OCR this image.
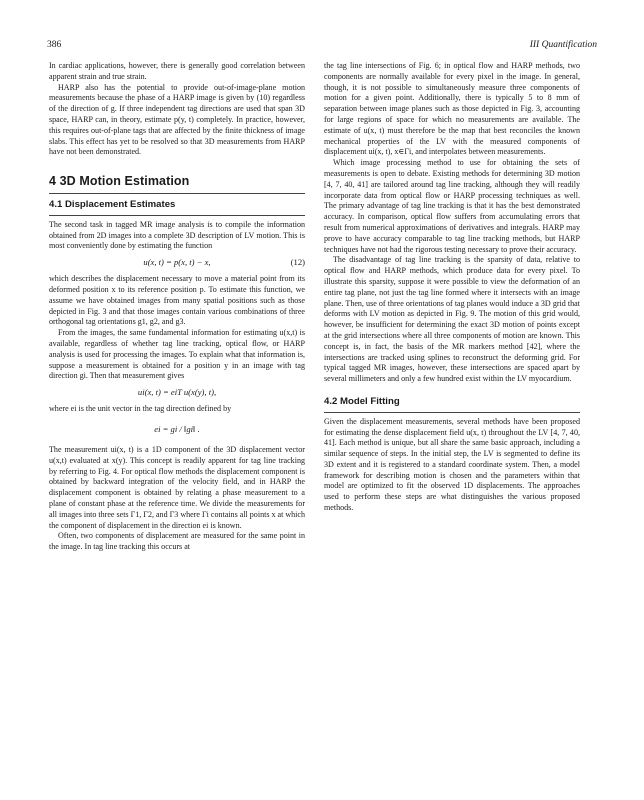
386	III Quantification

In cardiac applications, however, there is generally good correlation between apparent strain and true strain.

HARP also has the potential to provide out-of-image-plane motion measurements because the phase of a HARP image is given by (10) regardless of the direction of g. If three independent tag directions are used that span 3D space, HARP can, in theory, estimate p(y, t) completely. In practice, however, this requires out-of-plane tags that are affected by the finite thickness of image slabs. This effect has yet to be resolved so that 3D measurements from HARP have not been demonstrated.

4 3D Motion Estimation
4.1 Displacement Estimates

The second task in tagged MR image analysis is to compile the information obtained from 2D images into a complete 3D description of LV motion. This is most conveniently done by estimating the function

u(x, t) = p(x, t) − x,	(12)

which describes the displacement necessary to move a material point from its deformed position x to its reference position p. To estimate this function, we assume we have obtained images from many spatial positions such as those depicted in Fig. 3 and that those images contain various combinations of three orthogonal tag orientations g1, g2, and g3.

From the images, the same fundamental information for estimating u(x,t) is available, regardless of whether tag line tracking, optical flow, or HARP analysis is used for processing the images. To explain what that information is, suppose a measurement is obtained for a position y in an image with tag direction gi. Then that measurement gives

ui(x, t) = eiT u(x(y), t),

where ei is the unit vector in the tag direction defined by

ei = gi / ‖gi‖ .

The measurement ui(x, t) is a 1D component of the 3D displacement vector u(x,t) evaluated at x(y). This concept is readily apparent for tag line tracking by referring to Fig. 4. For optical flow methods the displacement component is obtained by backward integration of the velocity field, and in HARP the displacement component is obtained by relating a phase measurement to a plane of constant phase at the reference time. We divide the measurements for all images into three sets Γ1, Γ2, and Γ3 where Γi contains all points x at which the component of displacement in the direction ei is known.

Often, two components of displacement are measured for the same point in the image. In tag line tracking this occurs at

the tag line intersections of Fig. 6; in optical flow and HARP methods, two components are normally available for every pixel in the image. In general, though, it is not possible to simultaneously measure three components of motion for a given point. Additionally, there is typically 5 to 8 mm of separation between image planes such as those depicted in Fig. 3, accounting for large regions of space for which no measurements are available. The estimate of u(x, t) must therefore be the map that best reconciles the known mechanical properties of the LV with the measured components of displacement ui(x, t), x∈Γi, and interpolates between measurements.

Which image processing method to use for obtaining the sets of measurements is open to debate. Existing methods for determining 3D motion [4, 7, 40, 41] are tailored around tag line tracking, although they will readily incorporate data from optical flow or HARP processing techniques as well. The primary advantage of tag line tracking is that it has the best demonstrated accuracy. In comparison, optical flow suffers from accumulating errors that result from numerical approximations of derivatives and integrals. HARP may prove to have accuracy comparable to tag line tracking methods, but HARP techniques have not had the rigorous testing necessary to prove their accuracy.

The disadvantage of tag line tracking is the sparsity of data, relative to optical flow and HARP methods, which produce data for every pixel. To illustrate this sparsity, suppose it were possible to view the deformation of an entire tag plane, not just the tag line formed where it intersects with an image plane. Then, use of three orientations of tag planes would induce a 3D grid that deforms with LV motion as depicted in Fig. 9. The motion of this grid would, however, be insufficient for determining the exact 3D motion of points except at the grid intersections where all three components of motion are known. This concept is, in fact, the basis of the MR markers method [42], where the intersections are tracked using splines to reconstruct the deforming grid. For typical tagged MR images, however, these intersections are spaced apart by several millimeters and only a few hundred exist within the LV myocardium.

4.2 Model Fitting

Given the displacement measurements, several methods have been proposed for estimating the dense displacement field u(x, t) throughout the LV [4, 7, 40, 41]. Each method is unique, but all share the same basic approach, including a similar sequence of steps. In the initial step, the LV is segmented to define its 3D extent and it is registered to a standard coordinate system. Then, a model framework for describing motion is chosen and the parameters within that model are optimized to fit the observed 1D displacements. The approaches used to perform these steps are what distinguishes the various proposed methods.
